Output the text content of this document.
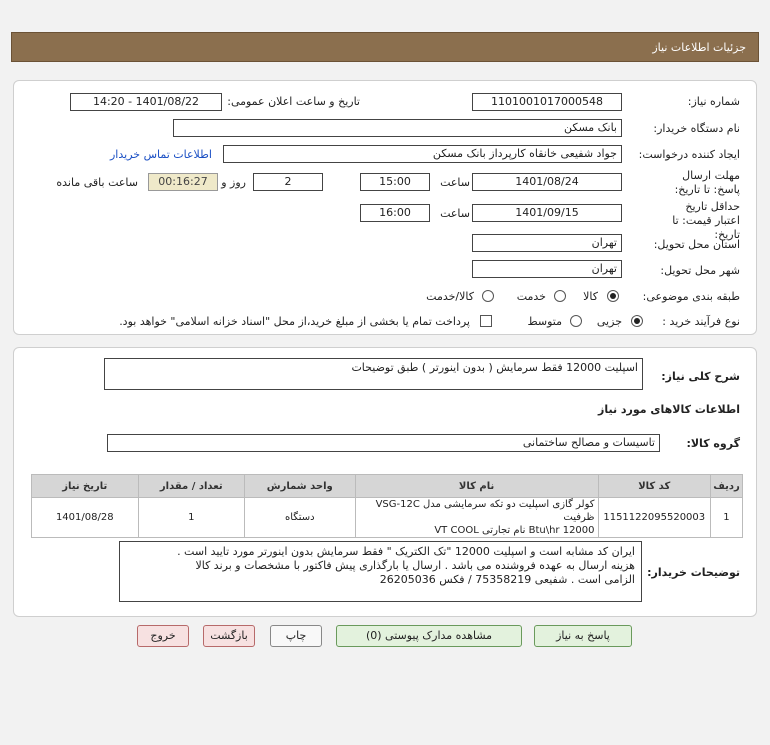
جزئیات اطلاعات نیاز
شماره نیاز:
1101001017000548
تاریخ و ساعت اعلان عمومی:
1401/08/22 - 14:20
نام دستگاه خریدار:
بانک مسکن
ایجاد کننده درخواست:
جواد شفیعی خانقاه کارپرداز بانک مسکن
اطلاعات تماس خریدار
مهلت ارسال پاسخ: تا تاریخ:
1401/08/24
ساعت
15:00
2
روز و
00:16:27
ساعت باقی مانده
حداقل تاریخ اعتبار قیمت: تا تاریخ:
1401/09/15
ساعت
16:00
استان محل تحویل:
تهران
شهر محل تحویل:
تهران
طبقه بندی موضوعی:
کالا
خدمت
کالا/خدمت
نوع فرآیند خرید :
جزیی
متوسط
پرداخت تمام یا بخشی از مبلغ خرید،از محل "اسناد خزانه اسلامی" خواهد بود.
شرح کلی نیاز:
اسپلیت 12000 فقط سرمایش ( بدون اینورتر ) طبق توضیحات
اطلاعات کالاهای مورد نیاز
گروه کالا:
تاسیسات و مصالح ساختمانی
ردیف	کد کالا	نام کالا	واحد شمارش	تعداد / مقدار	تاریخ نیاز
1	1151122095520003	کولر گازی اسپلیت دو تکه سرمایشی مدل VSG-12C ظرفیت
12000 Btu\hr نام تجارتی VT COOL	دستگاه	1	1401/08/28
توضیحات خریدار:
ایران کد مشابه است و اسپلیت 12000 "تک الکتریک " فقط سرمایش بدون اینورتر مورد تایید است .
هزینه ارسال به عهده فروشنده می باشد . ارسال یا بارگذاری پیش فاکتور با مشخصات و برند کالا
الزامی است . شفیعی 75358219 / فکس 26205036
پاسخ به نیاز
مشاهده مدارک پیوستی (0)
چاپ
بازگشت
خروج
